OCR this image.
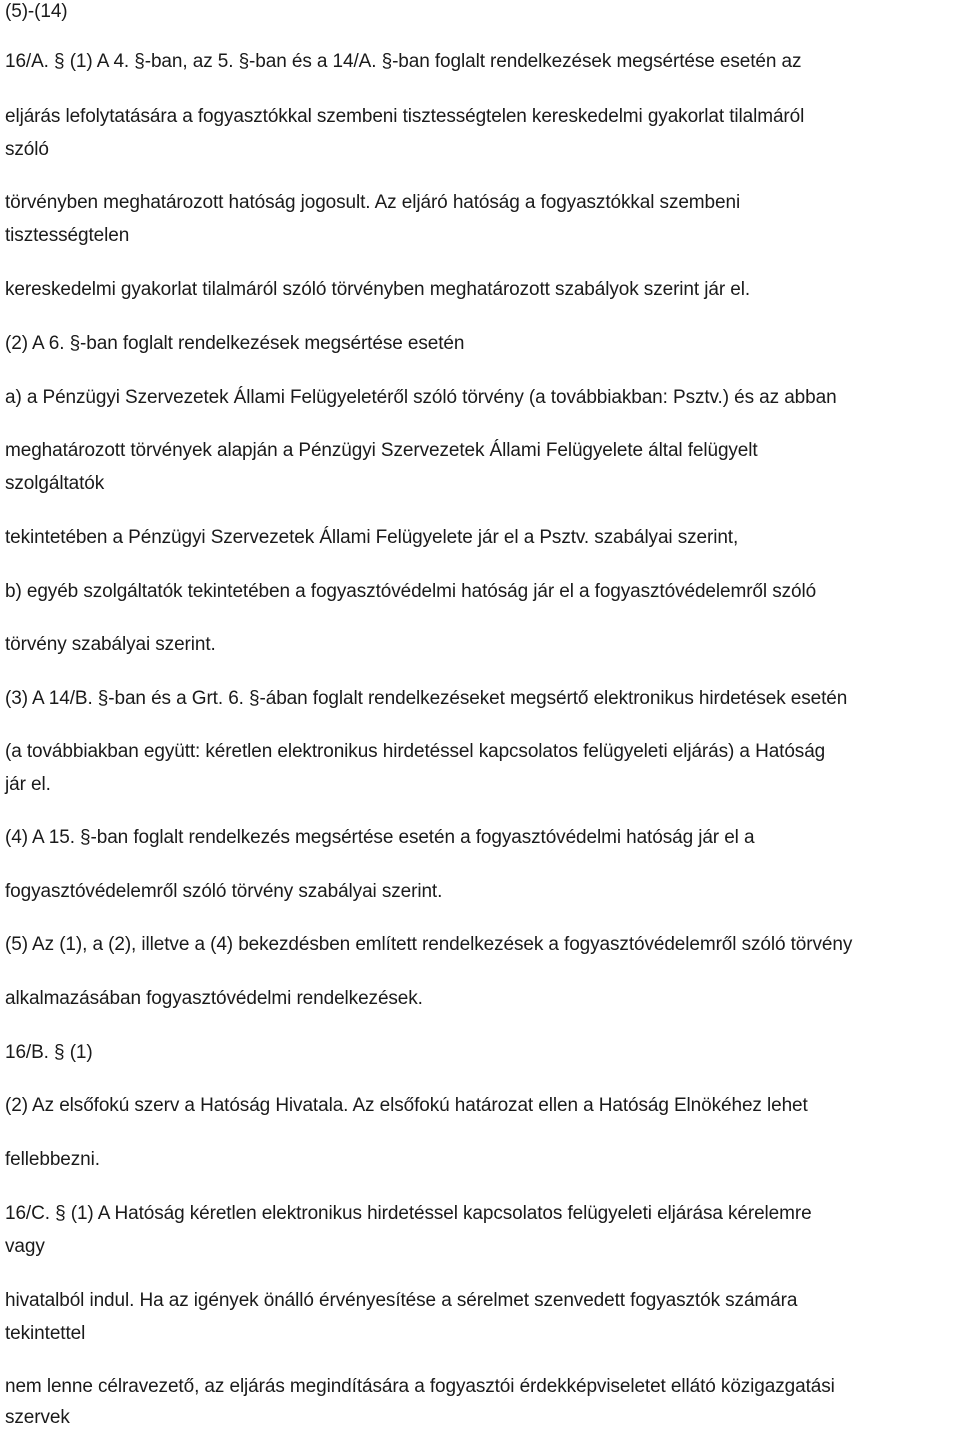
(5)-(14)
16/A. § (1) A 4. §-ban, az 5. §-ban és a 14/A. §-ban foglalt rendelkezések megsértése esetén az
eljárás lefolytatására a fogyasztókkal szembeni tisztességtelen kereskedelmi gyakorlat tilalmáról
szóló
törvényben meghatározott hatóság jogosult. Az eljáró hatóság a fogyasztókkal szembeni
tisztességtelen
kereskedelmi gyakorlat tilalmáról szóló törvényben meghatározott szabályok szerint jár el.
(2) A 6. §-ban foglalt rendelkezések megsértése esetén
a) a Pénzügyi Szervezetek Állami Felügyeletéről szóló törvény (a továbbiakban: Psztv.) és az abban
meghatározott törvények alapján a Pénzügyi Szervezetek Állami Felügyelete által felügyelt
szolgáltatók
tekintetében a Pénzügyi Szervezetek Állami Felügyelete jár el a Psztv. szabályai szerint,
b) egyéb szolgáltatók tekintetében a fogyasztóvédelmi hatóság jár el a fogyasztóvédelemről szóló
törvény szabályai szerint.
(3) A 14/B. §-ban és a Grt. 6. §-ában foglalt rendelkezéseket megsértő elektronikus hirdetések esetén
(a továbbiakban együtt: kéretlen elektronikus hirdetéssel kapcsolatos felügyeleti eljárás) a Hatóság
jár el.
(4) A 15. §-ban foglalt rendelkezés megsértése esetén a fogyasztóvédelmi hatóság jár el a
fogyasztóvédelemről szóló törvény szabályai szerint.
(5) Az (1), a (2), illetve a (4) bekezdésben említett rendelkezések a fogyasztóvédelemről szóló törvény
alkalmazásában fogyasztóvédelmi rendelkezések.
16/B. § (1)
(2) Az elsőfokú szerv a Hatóság Hivatala. Az elsőfokú határozat ellen a Hatóság Elnökéhez lehet
fellebbezni.
16/C. § (1) A Hatóság kéretlen elektronikus hirdetéssel kapcsolatos felügyeleti eljárása kérelemre
vagy
hivatalból indul. Ha az igények önálló érvényesítése a sérelmet szenvedett fogyasztók számára
tekintettel
nem lenne célravezető, az eljárás megindítására a fogyasztói érdekképviseletet ellátó közigazgatási
szervek
